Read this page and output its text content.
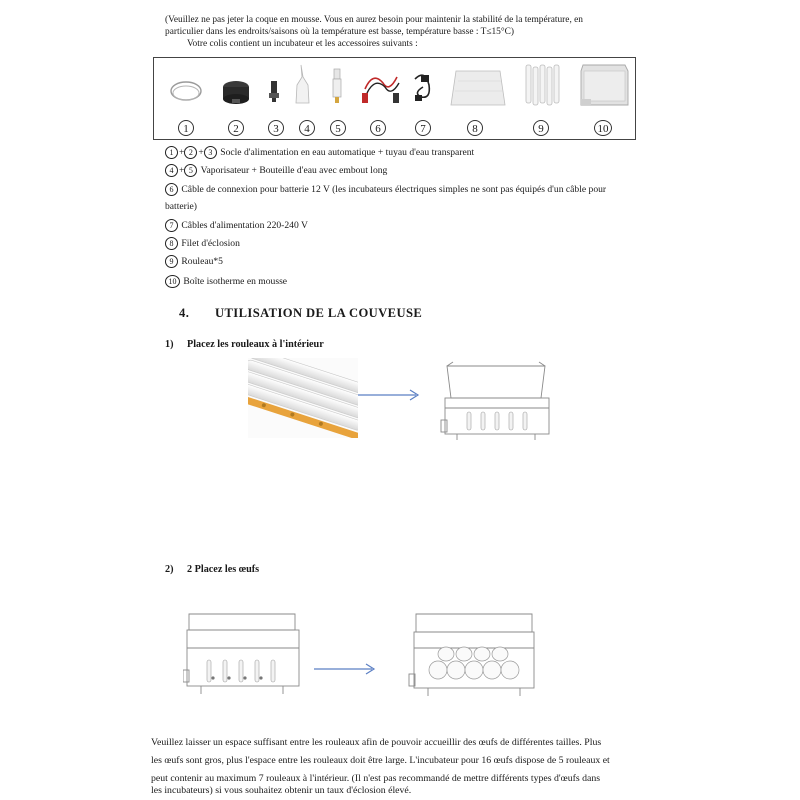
(Veuillez ne pas jeter la coque en mousse. Vous en aurez besoin pour maintenir la stabilité de la température, en
particulier dans les endroits/saisons où la température est basse, température basse : T≤15°C)
Votre colis contient un incubateur et les accessoires suivants :
1	2	3	4	5	6	7	8	9	10
1 + 2 + 3 Socle d'alimentation en eau automatique + tuyau d'eau transparent
4 + 5 Vaporisateur + Bouteille d'eau avec embout long
6 Câble de connexion pour batterie 12 V (les incubateurs électriques simples ne sont pas équipés d'un câble pour
batterie)
7 Câbles d'alimentation 220-240 V
8 Filet d'éclosion
9 Rouleau*5
10 Boîte isotherme en mousse
4. UTILISATION DE LA COUVEUSE
1) Placez les rouleaux à l'intérieur
2) 2 Placez les œufs
Veuillez laisser un espace suffisant entre les rouleaux afin de pouvoir accueillir des œufs de différentes tailles. Plus
les œufs sont gros, plus l'espace entre les rouleaux doit être large. L'incubateur pour 16 œufs dispose de 5 rouleaux et
peut contenir au maximum 7 rouleaux à l'intérieur. (Il n'est pas recommandé de mettre différents types d'œufs dans
les incubateurs) si vous souhaitez obtenir un taux d'éclosion élevé.
